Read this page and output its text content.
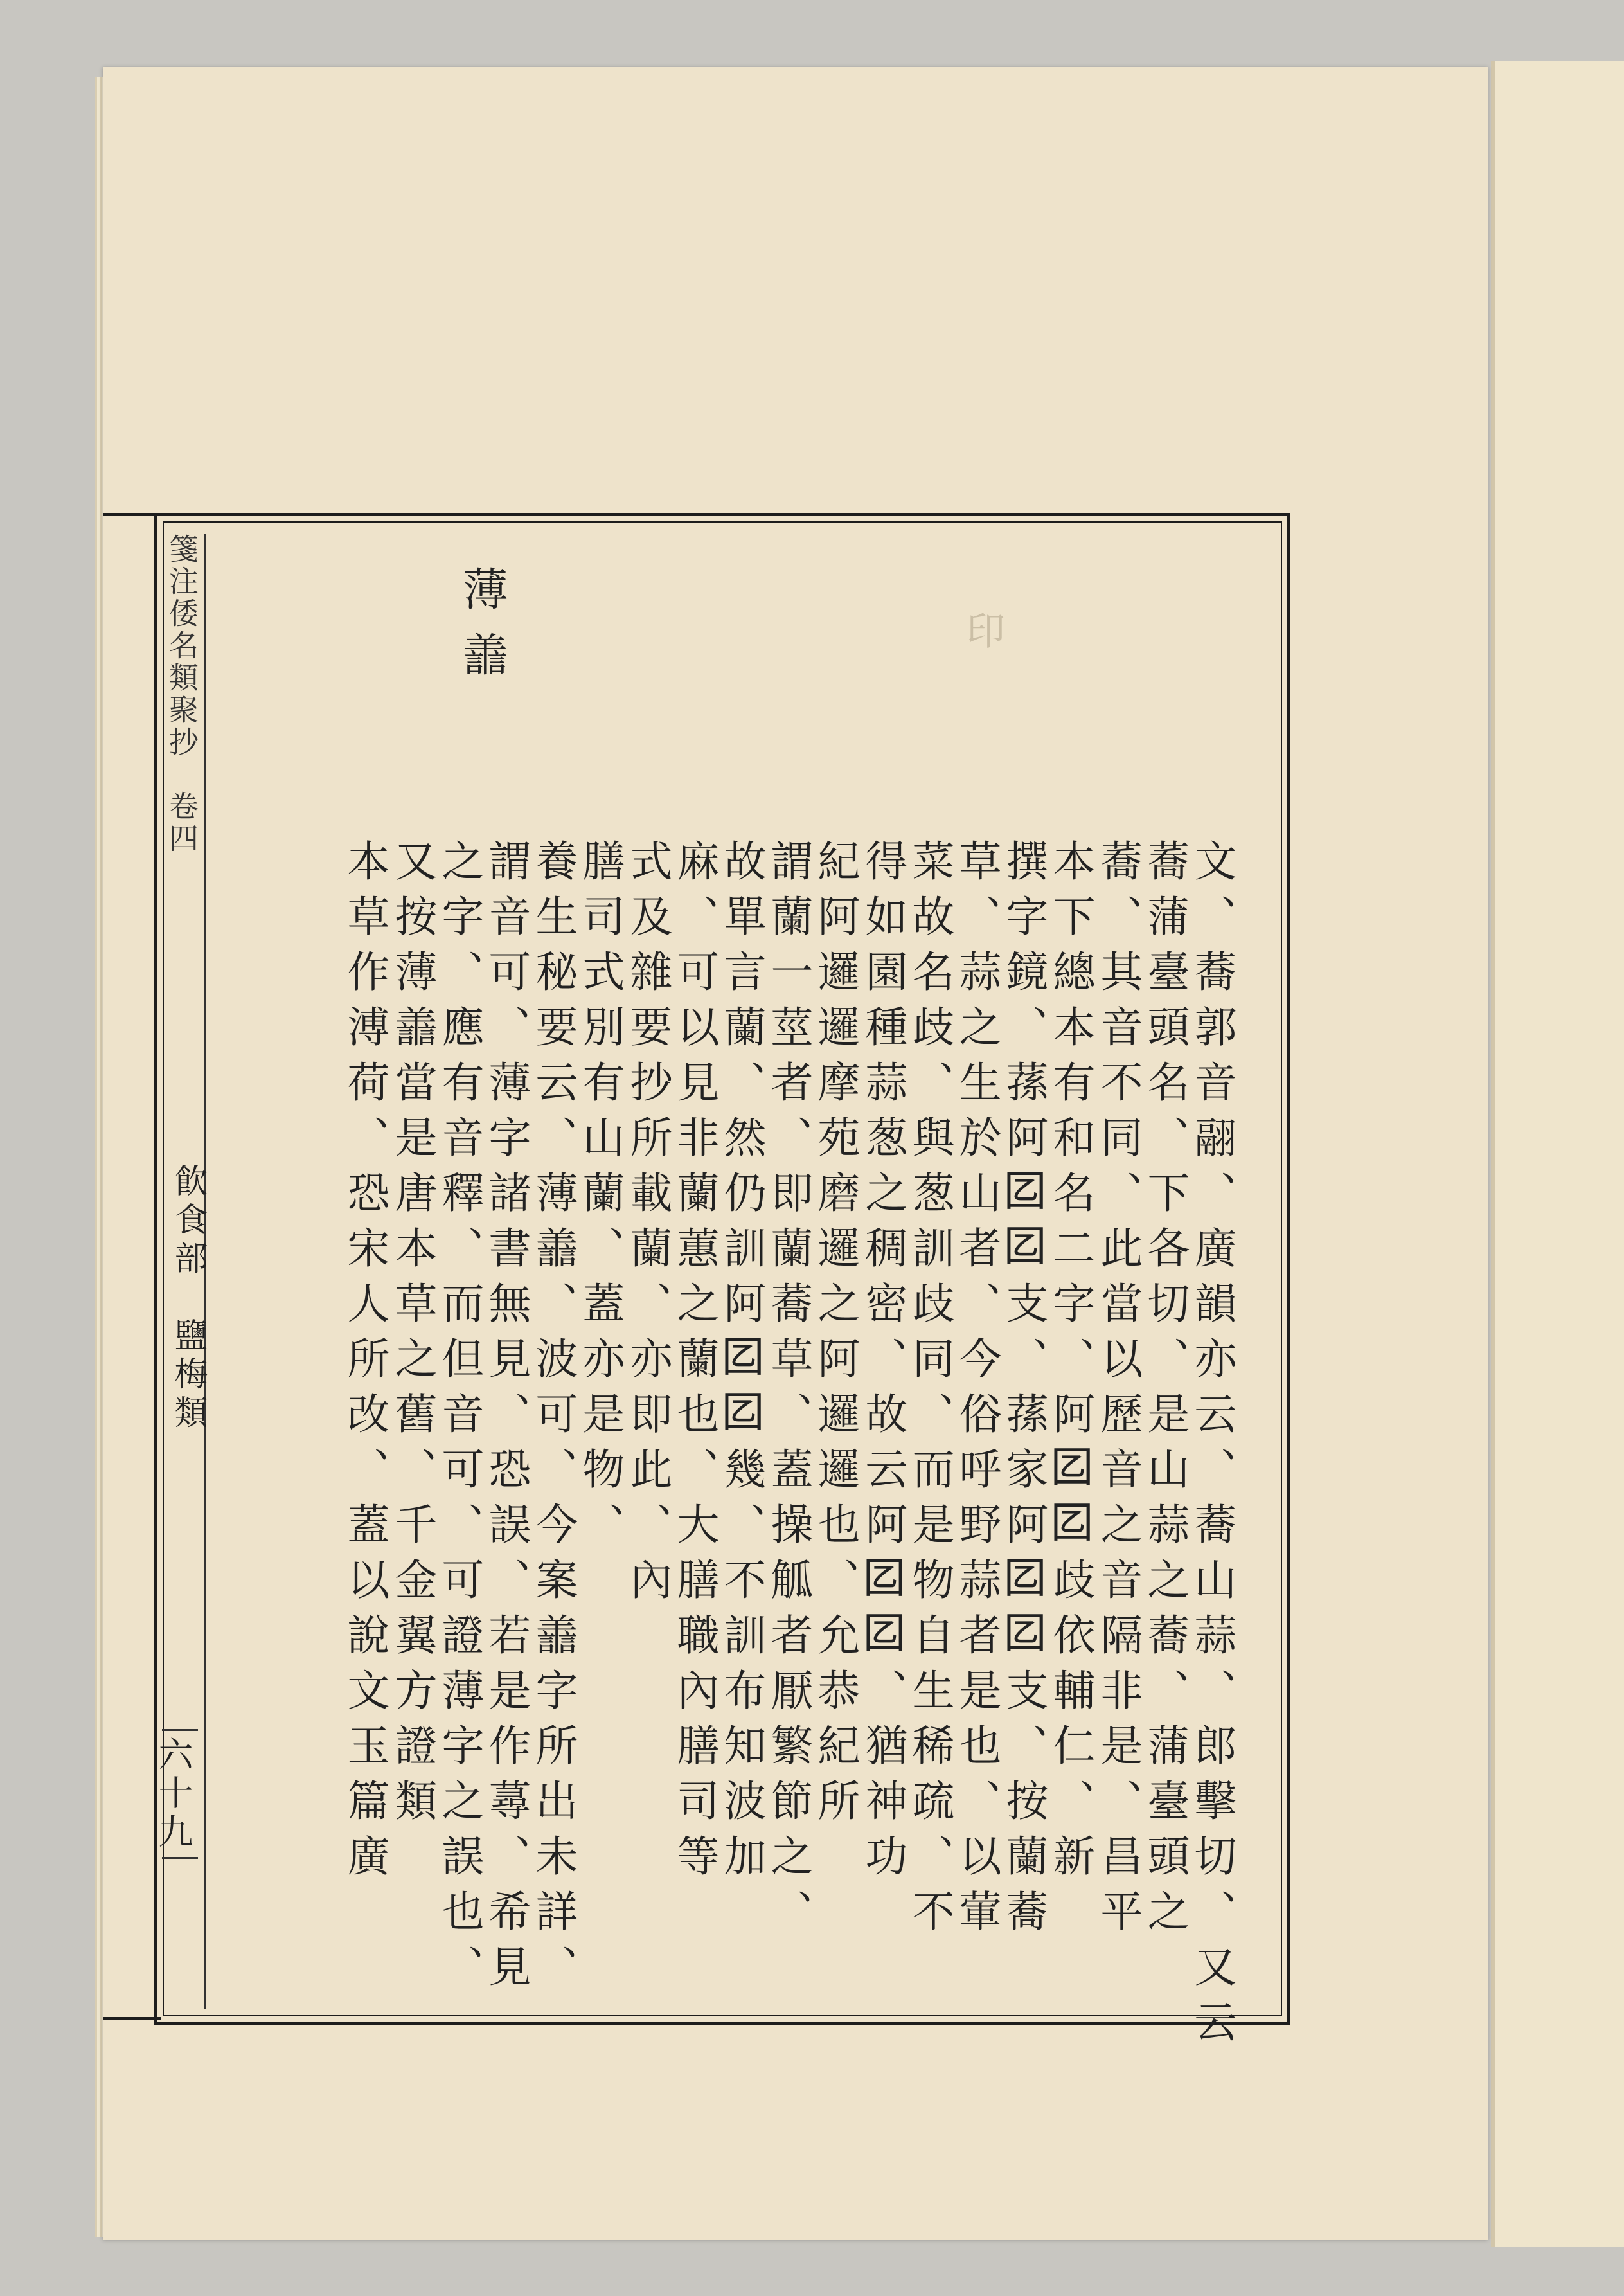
印
箋注倭名類聚抄　卷四
飮食部　鹽梅類
六十九
薄譱
文、蕎郭音翮、廣韻亦云、蕎山蒜、郎擊切、又云
蕎蒲臺頭名、下各切、是山蒜之蕎、蒲臺頭之
蕎、其音不同、此當以歷音之音隔非是、昌平
本下總本有和名二字、阿𡆠𡆠歧依輔仁、新
撰字鏡、蓀阿𡆠𡆠支、蓀家阿𡆠𡆠支、按蘭蕎
草、蒜之生於山者、今俗呼野蒜者是也、以葷
菜故名歧、與葱訓歧同、而是物自生稀疏、不
得如園種蒜葱之稠密、故云阿𡆠𡆠、猶神功
紀阿邏邏摩苑磨邏之阿邏邏也、允恭紀所
謂蘭一莖者、即蘭蕎草、蓋操觚者厭繁節之、
故單言蘭、然仍訓阿𡆠𡆠幾、不訓布知波加
麻、可以見非蘭蕙之蘭也、大膳職內膳司等
式及雜要抄所載蘭、亦即此、內
膳司式別有山蘭、蓋亦是物、
養生秘要云、薄譱、波可、今案譱字所出未詳、
謂音可、薄字諸書無見、恐誤、若是作蕁、希見
之字、應有音釋、而但音可、可證薄字之誤也、
又按薄譱當是唐本草之舊、千金翼方證類
本草作溥荷、恐宋人所改、蓋以說文玉篇廣
